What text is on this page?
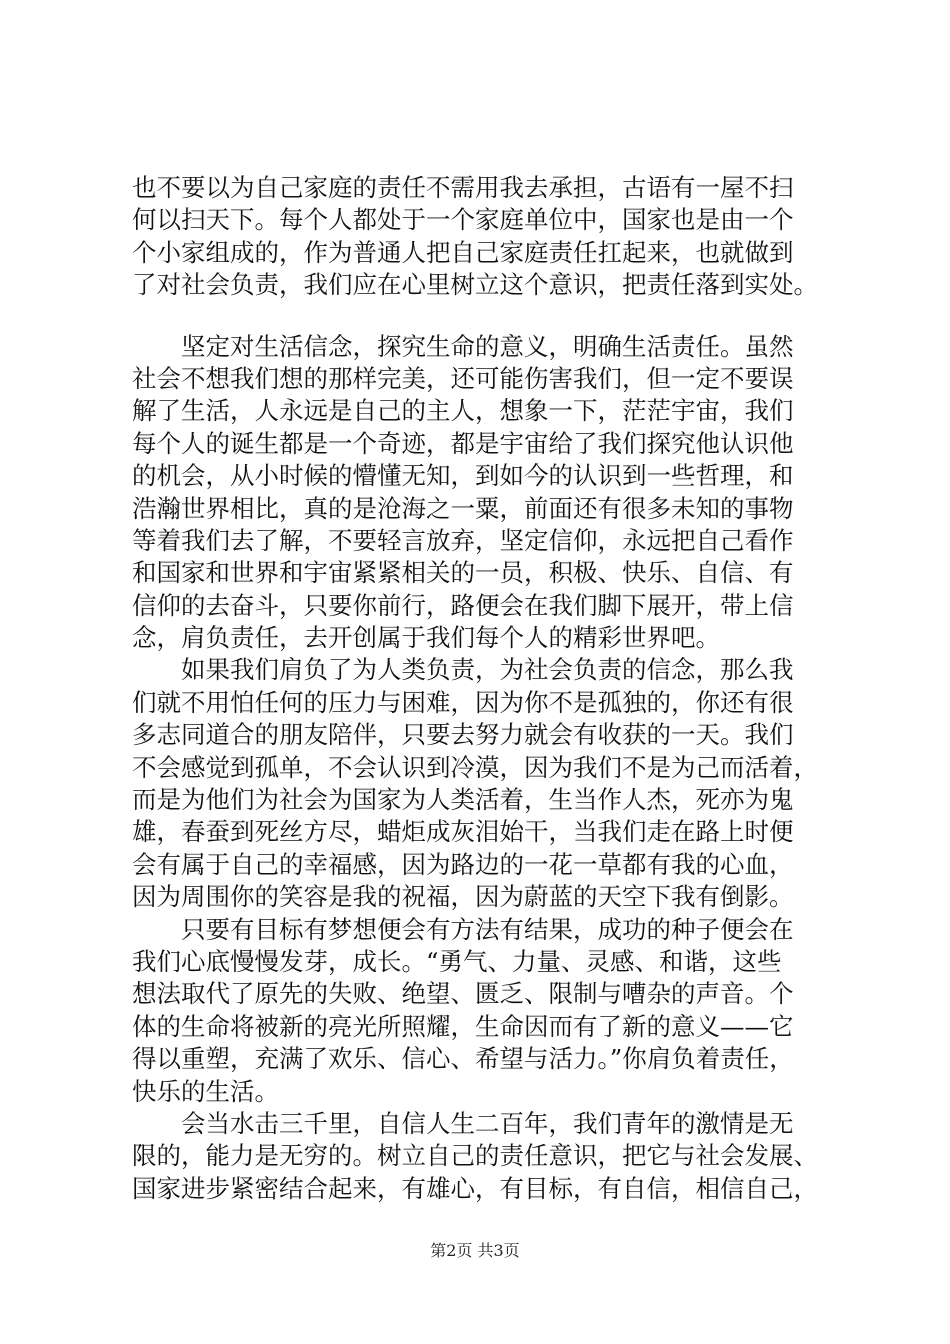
也不要以为自己家庭的责任不需用我去承担，古语有一屋不扫
何以扫天下。每个人都处于一个家庭单位中，国家也是由一个
个小家组成的，作为普通人把自己家庭责任扛起来，也就做到
了对社会负责，我们应在心里树立这个意识，把责任落到实处。
　　坚定对生活信念，探究生命的意义，明确生活责任。虽然
社会不想我们想的那样完美，还可能伤害我们，但一定不要误
解了生活，人永远是自己的主人，想象一下，茫茫宇宙，我们
每个人的诞生都是一个奇迹，都是宇宙给了我们探究他认识他
的机会，从小时候的懵懂无知，到如今的认识到一些哲理，和
浩瀚世界相比，真的是沧海之一粟，前面还有很多未知的事物
等着我们去了解，不要轻言放弃，坚定信仰，永远把自己看作
和国家和世界和宇宙紧紧相关的一员，积极、快乐、自信、有
信仰的去奋斗，只要你前行，路便会在我们脚下展开，带上信
念，肩负责任，去开创属于我们每个人的精彩世界吧。
　　如果我们肩负了为人类负责，为社会负责的信念，那么我
们就不用怕任何的压力与困难，因为你不是孤独的，你还有很
多志同道合的朋友陪伴，只要去努力就会有收获的一天。我们
不会感觉到孤单，不会认识到冷漠，因为我们不是为己而活着，
而是为他们为社会为国家为人类活着，生当作人杰，死亦为鬼
雄，春蚕到死丝方尽，蜡炬成灰泪始干，当我们走在路上时便
会有属于自己的幸福感，因为路边的一花一草都有我的心血，
因为周围你的笑容是我的祝福，因为蔚蓝的天空下我有倒影。
　　只要有目标有梦想便会有方法有结果，成功的种子便会在
我们心底慢慢发芽，成长。“勇气、力量、灵感、和谐，这些
想法取代了原先的失败、绝望、匮乏、限制与嘈杂的声音。个
体的生命将被新的亮光所照耀，生命因而有了新的意义——它
得以重塑，充满了欢乐、信心、希望与活力。”你肩负着责任，
快乐的生活。
　　会当水击三千里，自信人生二百年，我们青年的激情是无
限的，能力是无穷的。树立自己的责任意识，把它与社会发展、
国家进步紧密结合起来，有雄心，有目标，有自信，相信自己，
第2页 共3页
